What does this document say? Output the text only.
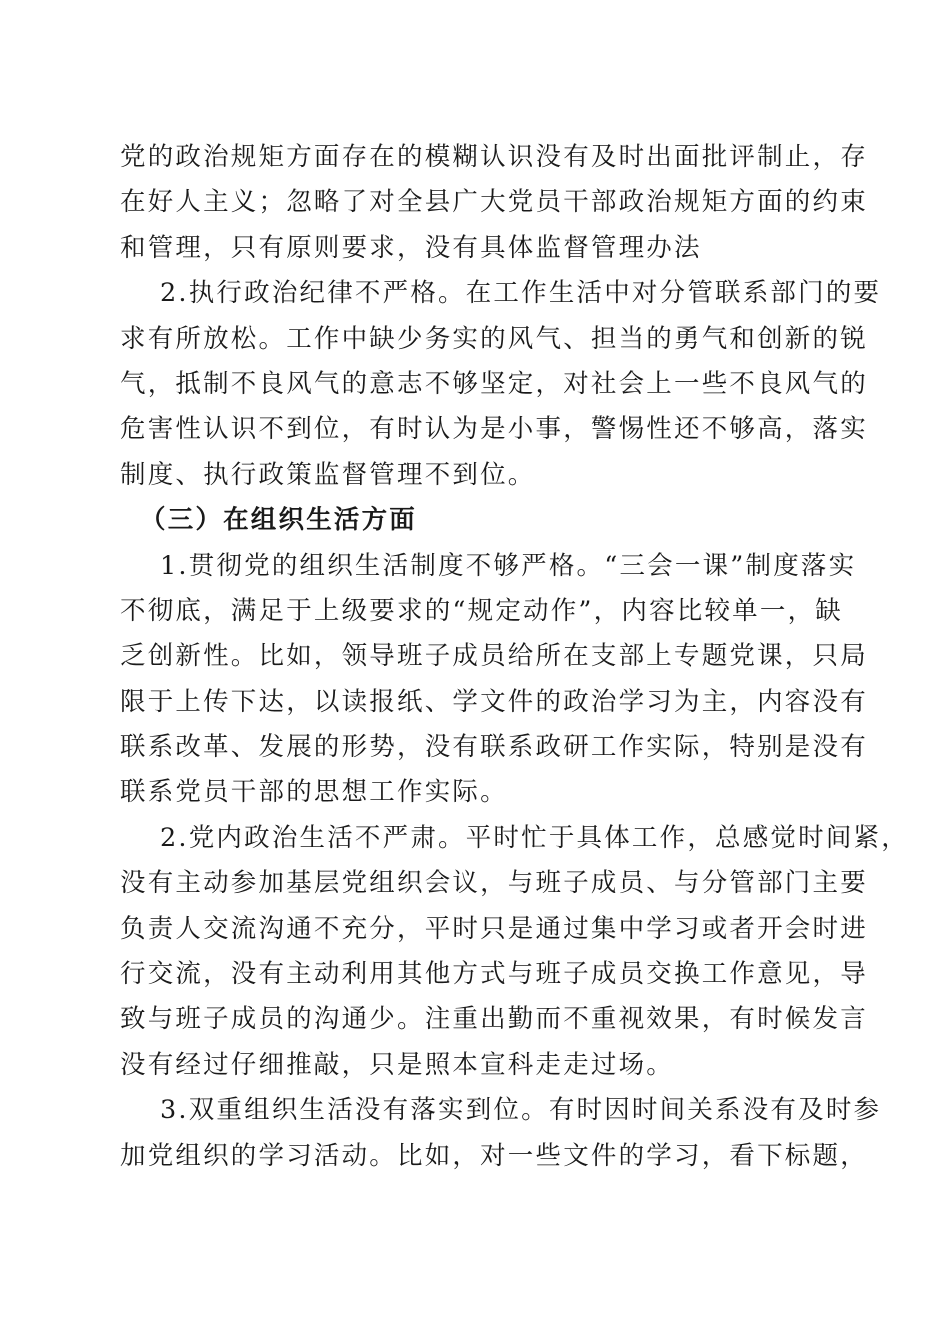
党的政治规矩方面存在的模糊认识没有及时出面批评制止，存
在好人主义；忽略了对全县广大党员干部政治规矩方面的约束
和管理，只有原则要求，没有具体监督管理办法
2.执行政治纪律不严格。在工作生活中对分管联系部门的要
求有所放松。工作中缺少务实的风气、担当的勇气和创新的锐
气，抵制不良风气的意志不够坚定，对社会上一些不良风气的
危害性认识不到位，有时认为是小事，警惕性还不够高，落实
制度、执行政策监督管理不到位。
（三）在组织生活方面
1.贯彻党的组织生活制度不够严格。“三会一课”制度落实
不彻底，满足于上级要求的“规定动作”，内容比较单一，缺
乏创新性。比如，领导班子成员给所在支部上专题党课，只局
限于上传下达，以读报纸、学文件的政治学习为主，内容没有
联系改革、发展的形势，没有联系政研工作实际，特别是没有
联系党员干部的思想工作实际。
2.党内政治生活不严肃。平时忙于具体工作，总感觉时间紧，
没有主动参加基层党组织会议，与班子成员、与分管部门主要
负责人交流沟通不充分，平时只是通过集中学习或者开会时进
行交流，没有主动利用其他方式与班子成员交换工作意见，导
致与班子成员的沟通少。注重出勤而不重视效果，有时候发言
没有经过仔细推敲，只是照本宣科走走过场。
3.双重组织生活没有落实到位。有时因时间关系没有及时参
加党组织的学习活动。比如，对一些文件的学习，看下标题，
